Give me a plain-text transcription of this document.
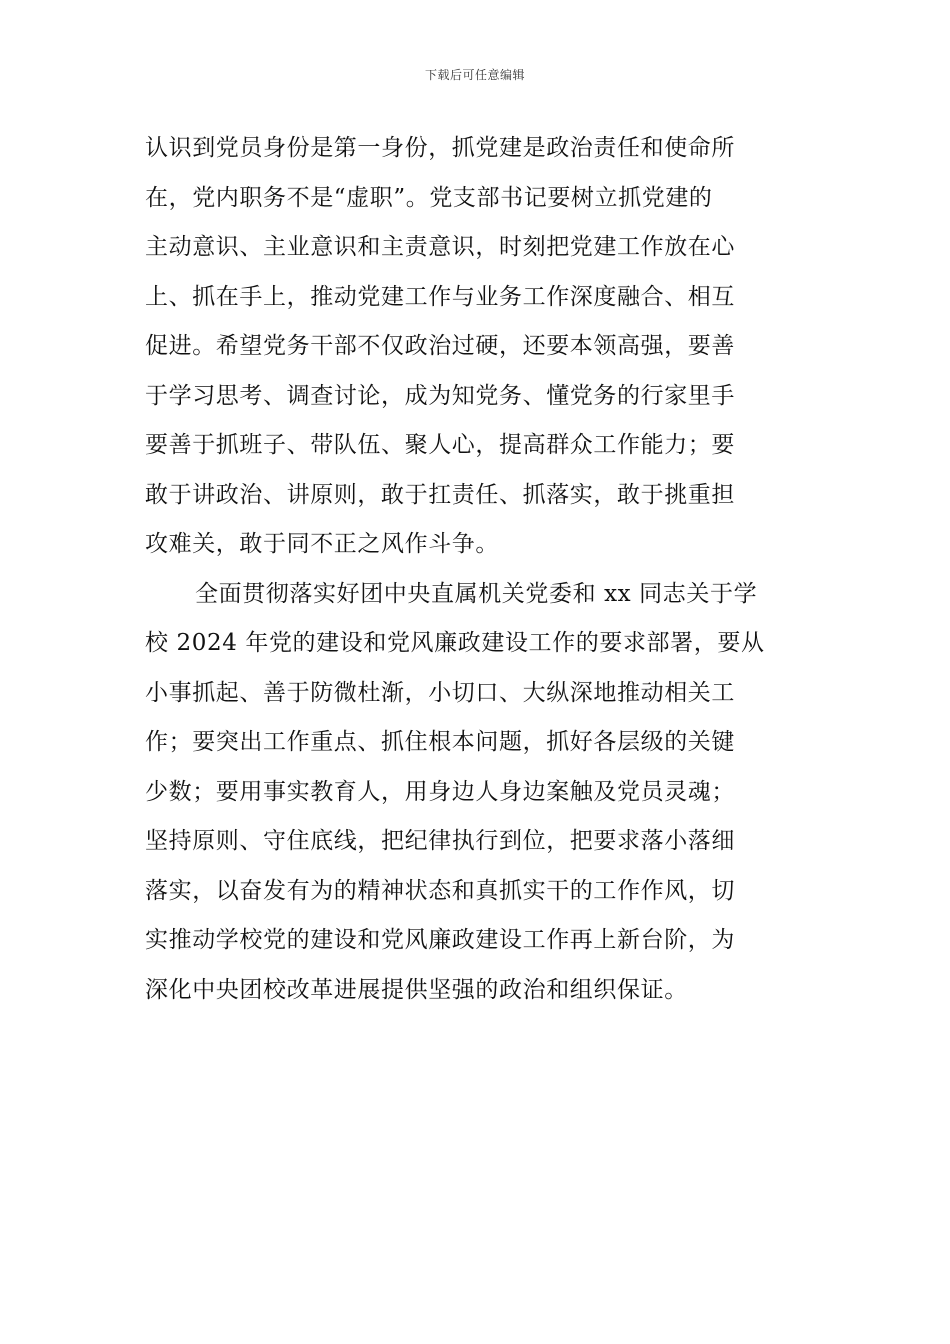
下载后可任意编辑
认识到党员身份是第一身份，抓党建是政治责任和使命所
在，党内职务不是“虚职”。党支部书记要树立抓党建的
主动意识、主业意识和主责意识，时刻把党建工作放在心
上、抓在手上，推动党建工作与业务工作深度融合、相互
促进。希望党务干部不仅政治过硬，还要本领高强，要善
于学习思考、调查讨论，成为知党务、懂党务的行家里手
要善于抓班子、带队伍、聚人心，提高群众工作能力；要
敢于讲政治、讲原则，敢于扛责任、抓落实，敢于挑重担
攻难关，敢于同不正之风作斗争。
全面贯彻落实好团中央直属机关党委和 xx 同志关于学
校 2024 年党的建设和党风廉政建设工作的要求部署，要从
小事抓起、善于防微杜渐，小切口、大纵深地推动相关工
作；要突出工作重点、抓住根本问题，抓好各层级的关键
少数；要用事实教育人，用身边人身边案触及党员灵魂；
坚持原则、守住底线，把纪律执行到位，把要求落小落细
落实，以奋发有为的精神状态和真抓实干的工作作风，切
实推动学校党的建设和党风廉政建设工作再上新台阶，为
深化中央团校改革进展提供坚强的政治和组织保证。
